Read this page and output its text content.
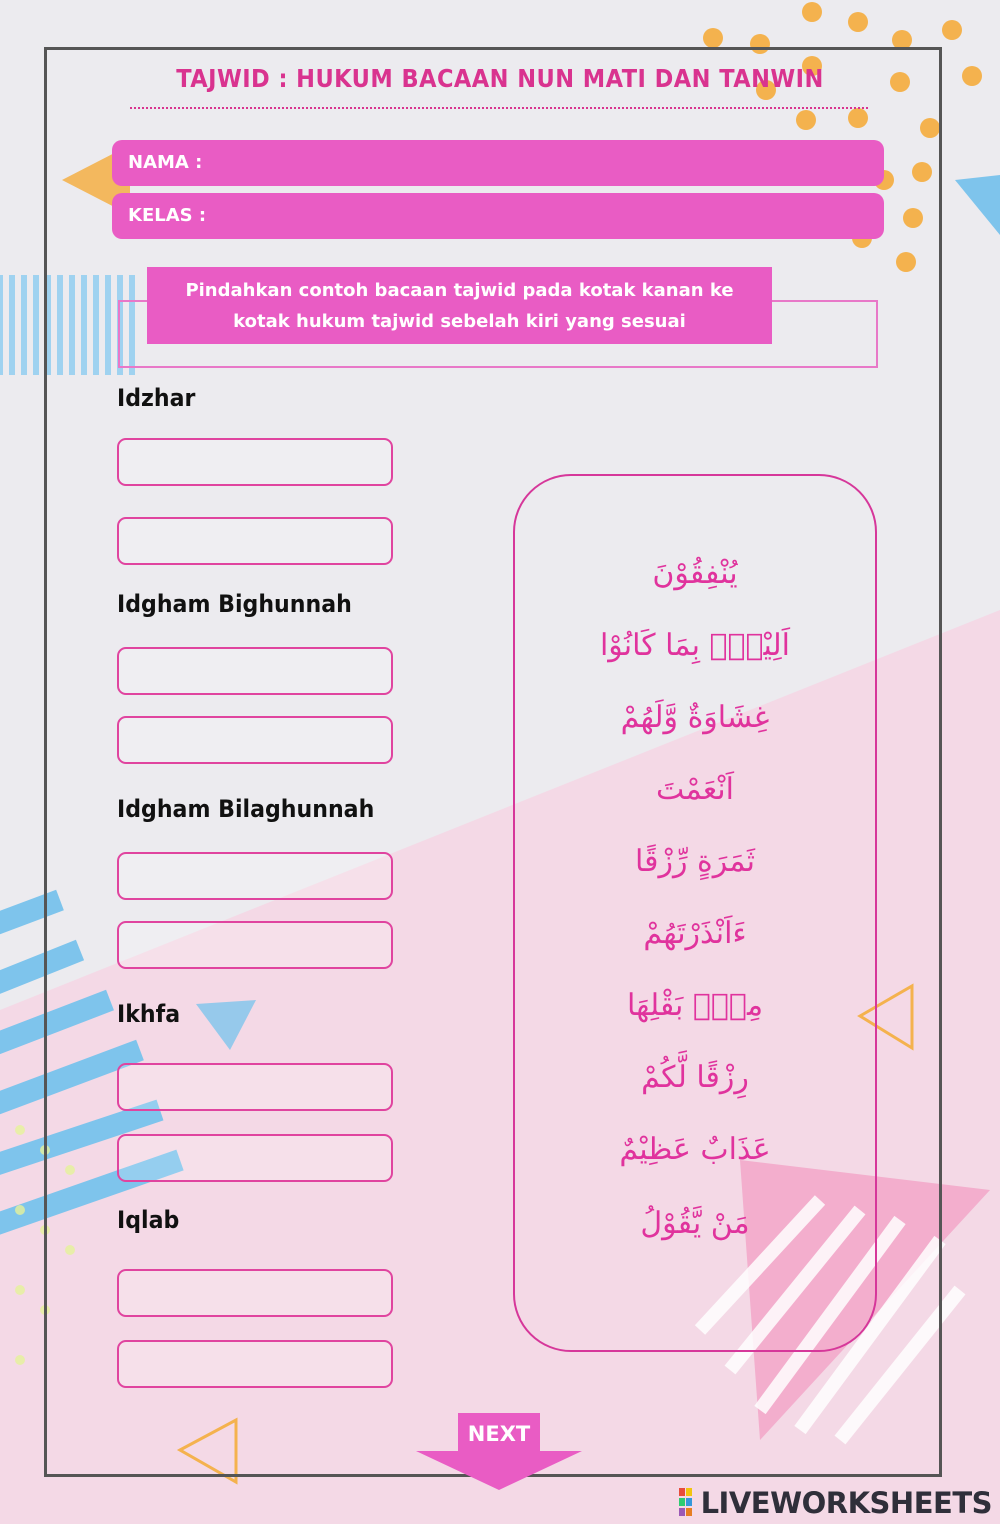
TAJWID : HUKUM BACAAN NUN MATI DAN TANWIN
NAMA :
KELAS :
Pindahkan contoh bacaan tajwid pada kotak kanan ke kotak hukum tajwid sebelah kiri yang sesuai
Idzhar
Idgham Bighunnah
Idgham Bilaghunnah
Ikhfa
Iqlab
يُنْفِقُوْنَ
اَلِيْمٌۢ بِمَا كَانُوْا
غِشَاوَةٌ وَّلَهُمْ
اَنْعَمْتَ
ثَمَرَةٍ رِّزْقًا
ءَاَنْذَرْتَهُمْ
مِنْۢ بَقْلِهَا
رِزْقًا لَّكُمْ
عَذَابٌ عَظِيْمٌ
مَنْ يَّقُوْلُ
NEXT
LIVEWORKSHEETS
